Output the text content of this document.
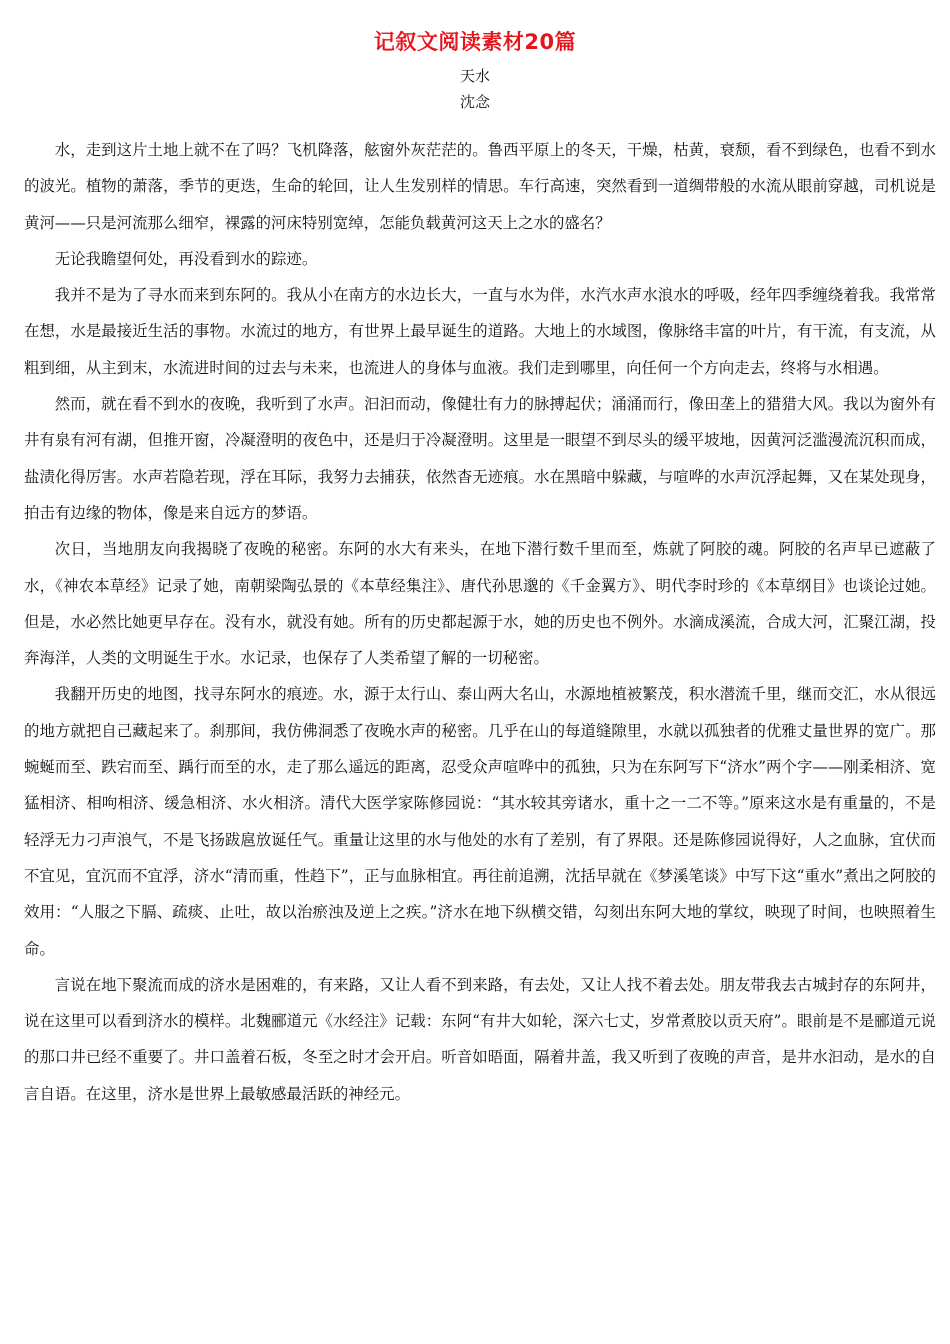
记叙文阅读素材20篇
天水
沈念

水，走到这片土地上就不在了吗？飞机降落，舷窗外灰茫茫的。鲁西平原上的冬天，干燥，枯黄，衰颓，看不到绿色，也看不到水的波光。植物的萧落，季节的更迭，生命的轮回，让人生发别样的情思。车行高速，突然看到一道绸带般的水流从眼前穿越，司机说是黄河——只是河流那么细窄，裸露的河床特别宽绰，怎能负载黄河这天上之水的盛名？

无论我瞻望何处，再没看到水的踪迹。

我并不是为了寻水而来到东阿的。我从小在南方的水边长大，一直与水为伴，水汽水声水浪水的呼吸，经年四季缠绕着我。我常常在想，水是最接近生活的事物。水流过的地方，有世界上最早诞生的道路。大地上的水域图，像脉络丰富的叶片，有干流，有支流，从粗到细，从主到末，水流进时间的过去与未来，也流进人的身体与血液。我们走到哪里，向任何一个方向走去，终将与水相遇。

然而，就在看不到水的夜晚，我听到了水声。汩汩而动，像健壮有力的脉搏起伏；涌涌而行，像田垄上的猎猎大风。我以为窗外有井有泉有河有湖，但推开窗，冷凝澄明的夜色中，还是归于冷凝澄明。这里是一眼望不到尽头的缓平坡地，因黄河泛滥漫流沉积而成，盐渍化得厉害。水声若隐若现，浮在耳际，我努力去捕获，依然杳无迹痕。水在黑暗中躲藏，与喧哗的水声沉浮起舞，又在某处现身，拍击有边缘的物体，像是来自远方的梦语。

次日，当地朋友向我揭晓了夜晚的秘密。东阿的水大有来头，在地下潜行数千里而至，炼就了阿胶的魂。阿胶的名声早已遮蔽了水，《神农本草经》记录了她，南朝梁陶弘景的《本草经集注》、唐代孙思邈的《千金翼方》、明代李时珍的《本草纲目》也谈论过她。但是，水必然比她更早存在。没有水，就没有她。所有的历史都起源于水，她的历史也不例外。水滴成溪流，合成大河，汇聚江湖，投奔海洋，人类的文明诞生于水。水记录，也保存了人类希望了解的一切秘密。

我翻开历史的地图，找寻东阿水的痕迹。水，源于太行山、泰山两大名山，水源地植被繁茂，积水潜流千里，继而交汇，水从很远的地方就把自己藏起来了。刹那间，我仿佛洞悉了夜晚水声的秘密。几乎在山的每道缝隙里，水就以孤独者的优雅丈量世界的宽广。那蜿蜒而至、跌宕而至、踽行而至的水，走了那么遥远的距离，忍受众声喧哗中的孤独，只为在东阿写下“济水”两个字——刚柔相济、宽猛相济、相呴相济、缓急相济、水火相济。清代大医学家陈修园说：“其水较其旁诸水，重十之一二不等。”原来这水是有重量的，不是轻浮无力刁声浪气，不是飞扬跋扈放诞任气。重量让这里的水与他处的水有了差别，有了界限。还是陈修园说得好，人之血脉，宜伏而不宜见，宜沉而不宜浮，济水“清而重，性趋下”，正与血脉相宜。再往前追溯，沈括早就在《梦溪笔谈》中写下这“重水”煮出之阿胶的效用：“人服之下膈、疏痰、止吐，故以治瘀浊及逆上之疾。”济水在地下纵横交错，勾刻出东阿大地的掌纹，映现了时间，也映照着生命。

言说在地下聚流而成的济水是困难的，有来路，又让人看不到来路，有去处，又让人找不着去处。朋友带我去古城封存的东阿井，说在这里可以看到济水的模样。北魏郦道元《水经注》记载：东阿“有井大如轮，深六七丈，岁常煮胶以贡天府”。眼前是不是郦道元说的那口井已经不重要了。井口盖着石板，冬至之时才会开启。听音如晤面，隔着井盖，我又听到了夜晚的声音，是井水汩动，是水的自言自语。在这里，济水是世界上最敏感最活跃的神经元。
